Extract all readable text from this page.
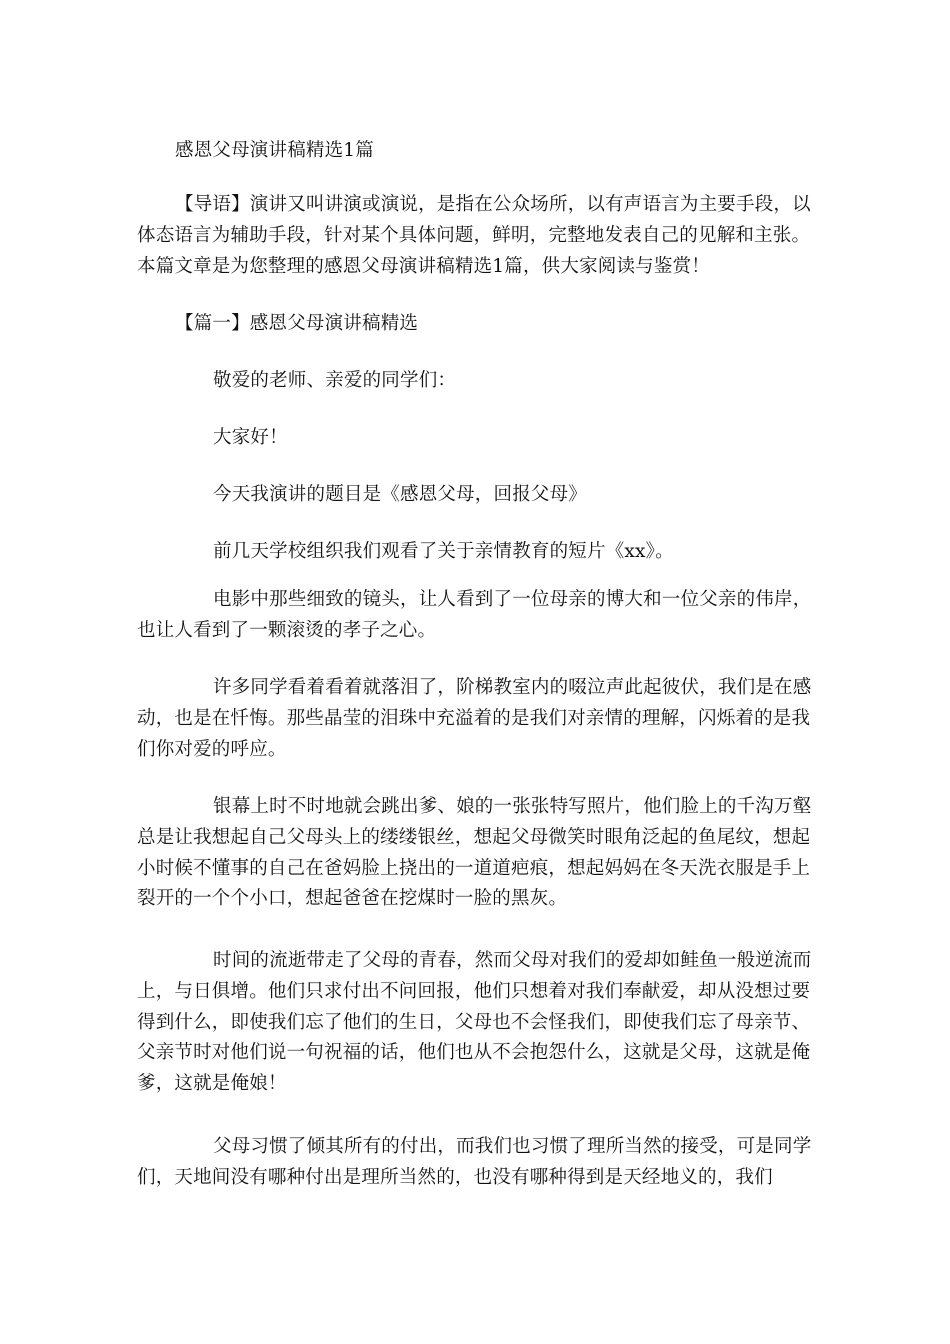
感恩父母演讲稿精选1篇

【导语】演讲又叫讲演或演说，是指在公众场所，以有声语言为主要手段，以体态语言为辅助手段，针对某个具体问题，鲜明，完整地发表自己的见解和主张。本篇文章是为您整理的感恩父母演讲稿精选1篇，供大家阅读与鉴赏！

【篇一】感恩父母演讲稿精选

敬爱的老师、亲爱的同学们：

大家好！

今天我演讲的题目是《感恩父母，回报父母》

前几天学校组织我们观看了关于亲情教育的短片《xx》。

电影中那些细致的镜头，让人看到了一位母亲的博大和一位父亲的伟岸，也让人看到了一颗滚烫的孝子之心。

许多同学看着看着就落泪了，阶梯教室内的啜泣声此起彼伏，我们是在感动，也是在忏悔。那些晶莹的泪珠中充溢着的是我们对亲情的理解，闪烁着的是我们你对爱的呼应。

银幕上时不时地就会跳出爹、娘的一张张特写照片，他们脸上的千沟万壑总是让我想起自己父母头上的缕缕银丝，想起父母微笑时眼角泛起的鱼尾纹，想起小时候不懂事的自己在爸妈脸上挠出的一道道疤痕，想起妈妈在冬天洗衣服是手上裂开的一个个小口，想起爸爸在挖煤时一脸的黑灰。

时间的流逝带走了父母的青春，然而父母对我们的爱却如鲑鱼一般逆流而上，与日俱增。他们只求付出不问回报，他们只想着对我们奉献爱，却从没想过要得到什么，即使我们忘了他们的生日，父母也不会怪我们，即使我们忘了母亲节、父亲节时对他们说一句祝福的话，他们也从不会抱怨什么，这就是父母，这就是俺爹，这就是俺娘！

父母习惯了倾其所有的付出，而我们也习惯了理所当然的接受，可是同学们，天地间没有哪种付出是理所当然的，也没有哪种得到是天经地义的，我们
